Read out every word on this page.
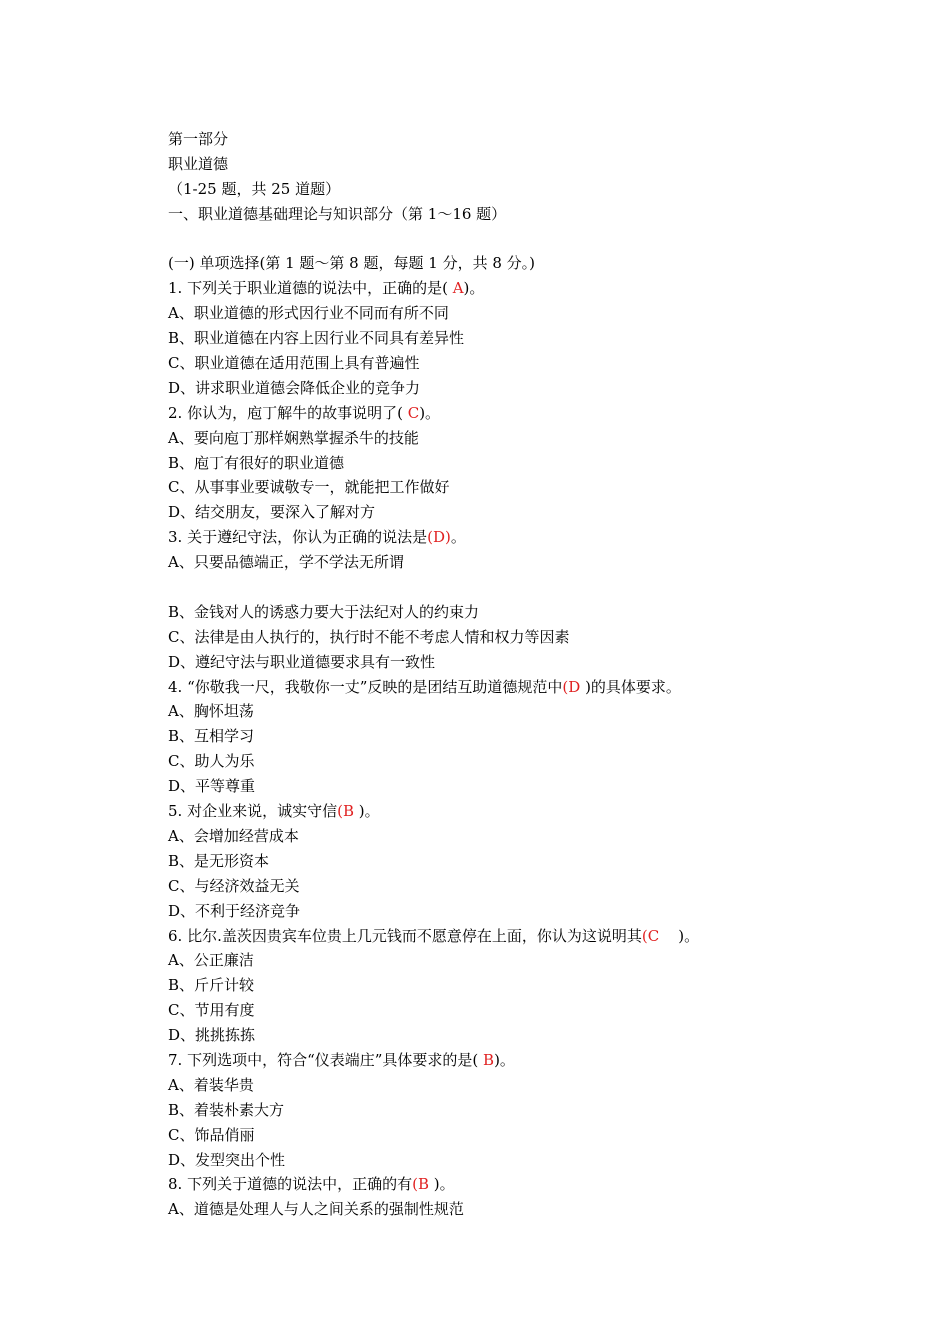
第一部分
职业道德
（1-25 题，共 25 道题）
一、职业道德基础理论与知识部分（第 1～16 题）
(一) 单项选择(第 1 题～第 8 题，每题 1 分，共 8 分。)
1. 下列关于职业道德的说法中，正确的是( A)。
A、职业道德的形式因行业不同而有所不同
B、职业道德在内容上因行业不同具有差异性
C、职业道德在适用范围上具有普遍性
D、讲求职业道德会降低企业的竞争力
2. 你认为，庖丁解牛的故事说明了( C)。
A、要向庖丁那样娴熟掌握杀牛的技能
B、庖丁有很好的职业道德
C、从事事业要诚敬专一，就能把工作做好
D、结交朋友，要深入了解对方
3. 关于遵纪守法，你认为正确的说法是(D)。
A、只要品德端正，学不学法无所谓
B、金钱对人的诱惑力要大于法纪对人的约束力
C、法律是由人执行的，执行时不能不考虑人情和权力等因素
D、遵纪守法与职业道德要求具有一致性
4. “你敬我一尺，我敬你一丈”反映的是团结互助道德规范中(D )的具体要求。
A、胸怀坦荡
B、互相学习
C、助人为乐
D、平等尊重
5. 对企业来说，诚实守信(B )。
A、会增加经营成本
B、是无形资本
C、与经济效益无关
D、不利于经济竞争
6. 比尔.盖茨因贵宾车位贵上几元钱而不愿意停在上面，你认为这说明其(C    )。
A、公正廉洁
B、斤斤计较
C、节用有度
D、挑挑拣拣
7. 下列选项中，符合“仪表端庄”具体要求的是( B)。
A、着装华贵
B、着装朴素大方
C、饰品俏丽
D、发型突出个性
8. 下列关于道德的说法中，正确的有(B )。
A、道德是处理人与人之间关系的强制性规范
